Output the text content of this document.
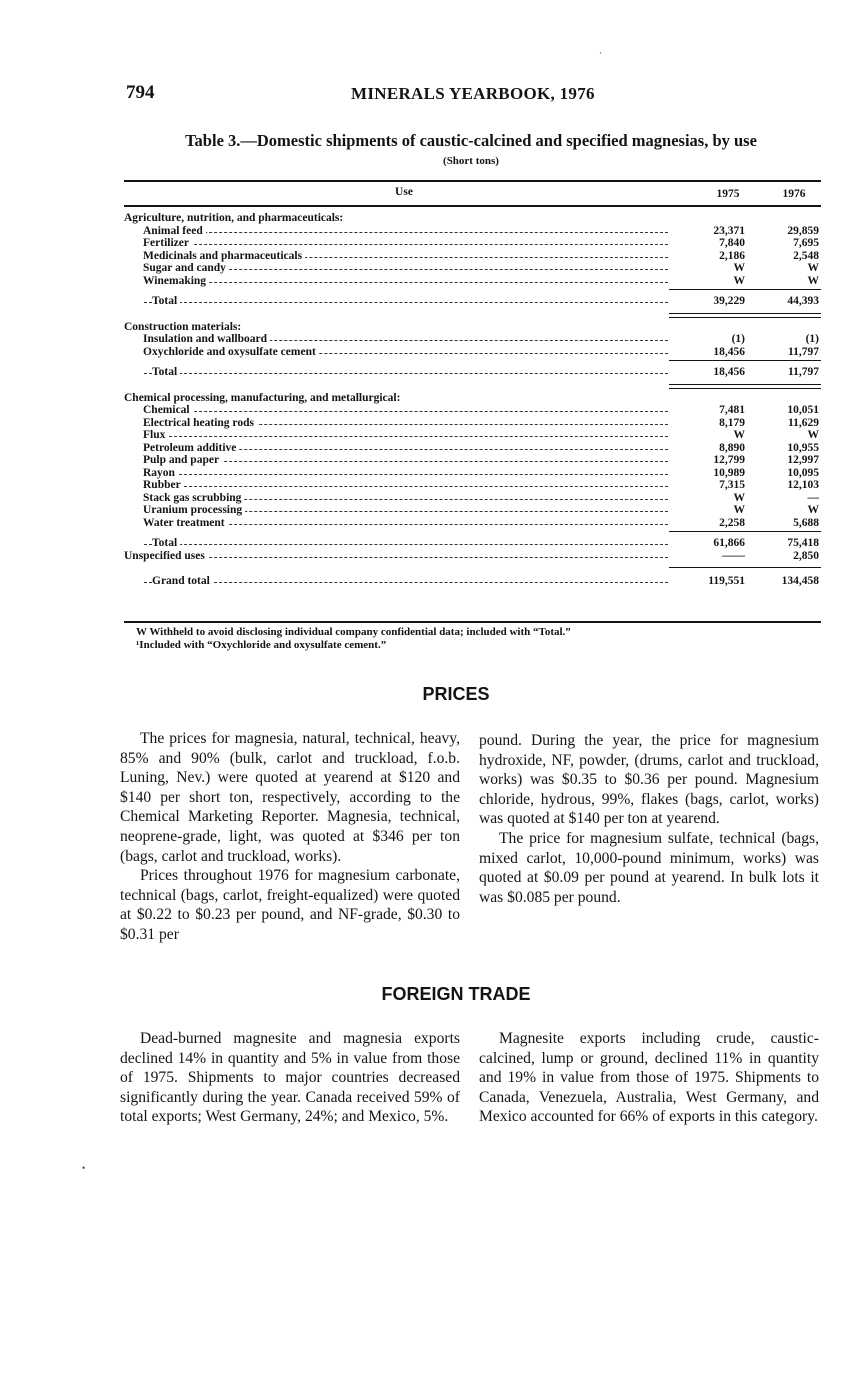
794	MINERALS YEARBOOK, 1976
Table 3.—Domestic shipments of caustic-calcined and specified magnesias, by use
(Short tons)
Use	1975	1976
Agriculture, nutrition, and pharmaceuticals:
Animal feed	23,371	29,859
Fertilizer	7,840	7,695
Medicinals and pharmaceuticals	2,186	2,548
Sugar and candy	W	W
Winemaking	W	W
Total	39,229	44,393
Construction materials:
Insulation and wallboard	(1)	(1)
Oxychloride and oxysulfate cement	18,456	11,797
Total	18,456	11,797
Chemical processing, manufacturing, and metallurgical:
Chemical	7,481	10,051
Electrical heating rods	8,179	11,629
Flux	W	W
Petroleum additive	8,890	10,955
Pulp and paper	12,799	12,997
Rayon	10,989	10,095
Rubber	7,315	12,103
Stack gas scrubbing	W	—
Uranium processing	W	W
Water treatment	2,258	5,688
Total	61,866	75,418
Unspecified uses	——	2,850
Grand total	119,551	134,458
W Withheld to avoid disclosing individual company confidential data; included with “Total.”
¹Included with “Oxychloride and oxysulfate cement.”
PRICES

The prices for magnesia, natural, technical, heavy, 85% and 90% (bulk, carlot and truckload, f.o.b. Luning, Nev.) were quoted at yearend at $120 and $140 per short ton, respectively, according to the Chemical Marketing Reporter. Magnesia, technical, neoprene-grade, light, was quoted at $346 per ton (bags, carlot and truckload, works).

Prices throughout 1976 for magnesium carbonate, technical (bags, carlot, freight-equalized) were quoted at $0.22 to $0.23 per pound, and NF-grade, $0.30 to $0.31 per

pound. During the year, the price for magnesium hydroxide, NF, powder, (drums, carlot and truckload, works) was $0.35 to $0.36 per pound. Magnesium chloride, hydrous, 99%, flakes (bags, carlot, works) was quoted at $140 per ton at yearend.

The price for magnesium sulfate, technical (bags, mixed carlot, 10,000-pound minimum, works) was quoted at $0.09 per pound at yearend. In bulk lots it was $0.085 per pound.

FOREIGN TRADE

Dead-burned magnesite and magnesia exports declined 14% in quantity and 5% in value from those of 1975. Shipments to major countries decreased significantly during the year. Canada received 59% of total exports; West Germany, 24%; and Mexico, 5%.

Magnesite exports including crude, caustic-calcined, lump or ground, declined 11% in quantity and 19% in value from those of 1975. Shipments to Canada, Venezuela, Australia, West Germany, and Mexico accounted for 66% of exports in this category.

•
·
